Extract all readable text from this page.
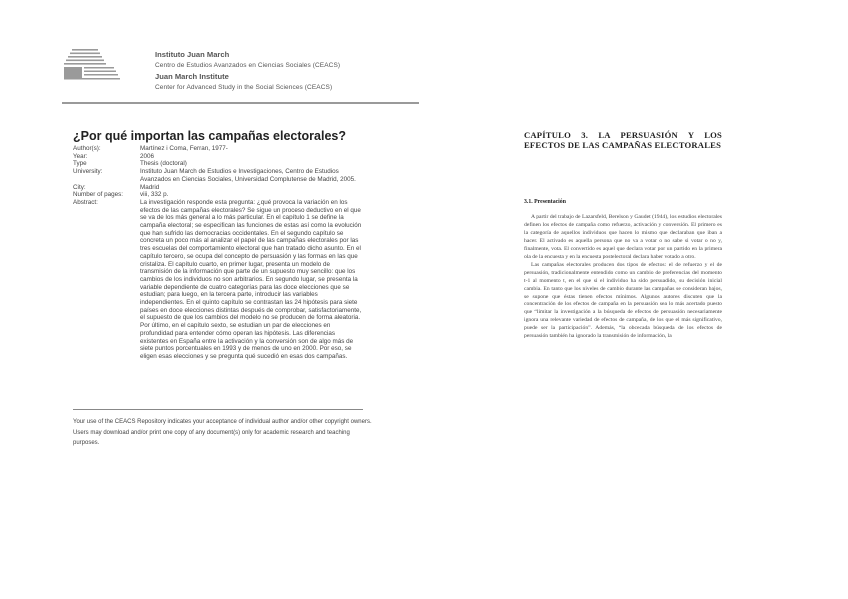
Instituto Juan March
Centro de Estudios Avanzados en Ciencias Sociales (CEACS)
Juan March Institute
Center for Advanced Study in the Social Sciences (CEACS)
¿Por qué importan las campañas electorales?
Author(s):	Martínez i Coma, Ferran, 1977-
Year:	2006
Type	Thesis (doctoral)
University:	Instituto Juan March de Estudios e Investigaciones, Centro de Estudios Avanzados en Ciencias Sociales, Universidad Complutense de Madrid, 2005.
City:	Madrid
Number of pages:	viii, 332 p.
Abstract:	La investigación responde esta pregunta: ¿qué provoca la variación en los efectos de las campañas electorales? Se sigue un proceso deductivo en el que se va de los más general a lo más particular. En el capítulo 1 se define la campaña electoral; se especifican las funciones de estas así como la evolución que han sufrido las democracias occidentales. En el segundo capítulo se concreta un poco más al analizar el papel de las campañas electorales por las tres escuelas del comportamiento electoral que han tratado dicho asunto. En el capítulo tercero, se ocupa del concepto de persuasión y las formas en las que cristaliza. El capítulo cuarto, en primer lugar, presenta un modelo de transmisión de la información que parte de un supuesto muy sencillo: que los cambios de los individuos no son arbitrarios. En segundo lugar, se presenta la variable dependiente de cuatro categorías para las doce elecciones que se estudian; para luego, en la tercera parte, introducir las variables independientes. En el quinto capítulo se contrastan las 24 hipótesis para siete países en doce elecciones distintas después de comprobar, satisfactoriamente, el supuesto de que los cambios del modelo no se producen de forma aleatoria. Por último, en el capítulo sexto, se estudian un par de elecciones en profundidad para entender cómo operan las hipótesis. Las diferencias existentes en España entre la activación y la conversión son de algo más de siete puntos porcentuales en 1993 y de menos de uno en 2000. Por eso, se eligen esas elecciones y se pregunta qué sucedió en esas dos campañas.
Your use of the CEACS Repository indicates your acceptance of individual author and/or other copyright owners. Users may download and/or print one copy of any document(s) only for academic research and teaching purposes.
CAPÍTULO 3. LA PERSUASIÓN Y LOS EFECTOS DE LAS CAMPAÑAS ELECTORALES
3.1. Presentación

A partir del trabajo de Lazarsfeld, Berelson y Gaudet (1944), los estudios electorales definen los efectos de campaña como refuerzo, activación y conversión. El primero es la categoría de aquellos individuos que hacen lo mismo que declaraban que iban a hacer. El activado es aquella persona que no va a votar o no sabe si votar o no y, finalmente, vota. El convertido es aquel que declara votar por un partido en la primera ola de la encuesta y en la encuesta postelectoral declara haber votado a otro.

Las campañas electorales producen dos tipos de efectos: el de refuerzo y el de persuasión, tradicionalmente entendido como un cambio de preferencias del momento t-1 al momento t, en el que si el individuo ha sido persuadido, su decisión inicial cambia. En tanto que los niveles de cambio durante las campañas se consideran bajos, se supone que éstas tienen efectos mínimos. Algunos autores discuten que la concentración de los efectos de campaña en la persuasión sea lo más acertado puesto que “limitar la investigación a la búsqueda de efectos de persuasión necesariamente ignora una relevante variedad de efectos de campaña, de los que el más significativo, puede ser la participación”. Además, “la obcecada búsqueda de los efectos de persuasión también ha ignorado la transmisión de información, la
